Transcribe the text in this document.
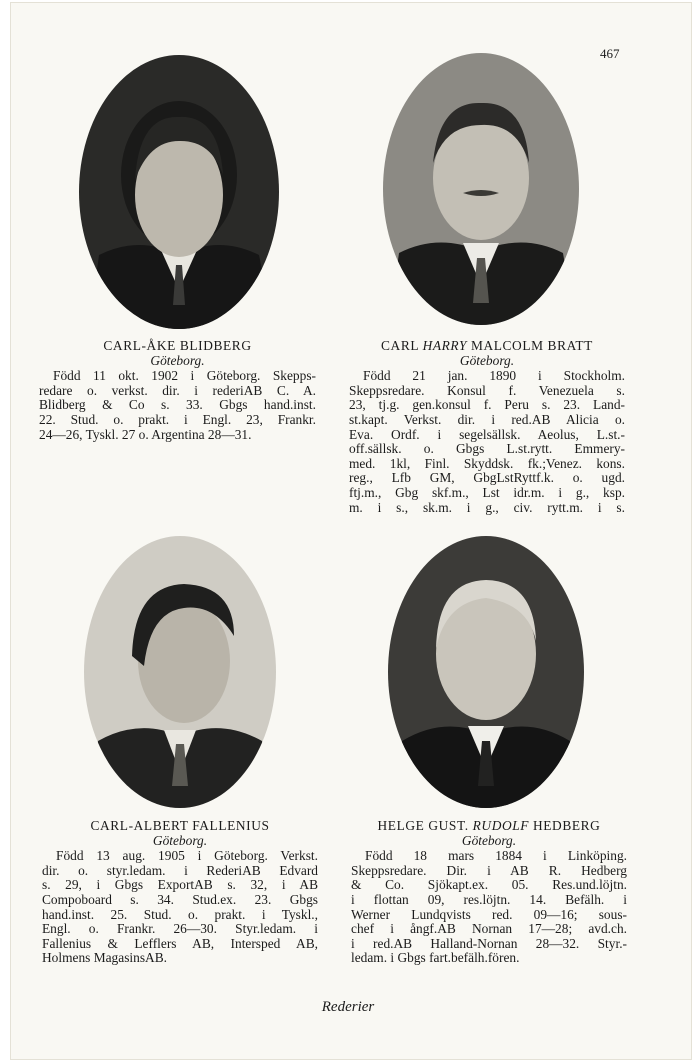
467
CARL-ÅKE BLIDBERG
Göteborg.
Född 11 okt. 1902 i Göteborg. Skepps-
redare o. verkst. dir. i rederiAB C. A.
Blidberg & Co s. 33. Gbgs hand.inst.
22. Stud. o. prakt. i Engl. 23, Frankr.
24—26, Tyskl. 27 o. Argentina 28—31.
CARL HARRY MALCOLM BRATT
Göteborg.
Född 21 jan. 1890 i Stockholm.
Skeppsredare. Konsul f. Venezuela s.
23, tj.g. gen.konsul f. Peru s. 23. Land-
st.kapt. Verkst. dir. i red.AB Alicia o.
Eva. Ordf. i segelsällsk. Aeolus, L.st.-
off.sällsk. o. Gbgs L.st.rytt. Emmery-
med. 1kl, Finl. Skyddsk. fk.;Venez. kons.
reg., Lfb GM, GbgLstRyttf.k. o. ugd.
ftj.m., Gbg skf.m., Lst idr.m. i g., ksp.
m. i s., sk.m. i g., civ. rytt.m. i s.
CARL-ALBERT FALLENIUS
Göteborg.
Född 13 aug. 1905 i Göteborg. Verkst.
dir. o. styr.ledam. i RederiAB Edvard
s. 29, i Gbgs ExportAB s. 32, i AB
Compoboard s. 34. Stud.ex. 23. Gbgs
hand.inst. 25. Stud. o. prakt. i Tyskl.,
Engl. o. Frankr. 26—30. Styr.ledam. i
Fallenius & Lefflers AB, Intersped AB,
Holmens MagasinsAB.
HELGE GUST. RUDOLF HEDBERG
Göteborg.
Född 18 mars 1884 i Linköping.
Skeppsredare. Dir. i AB R. Hedberg
& Co. Sjökapt.ex. 05. Res.und.löjtn.
i flottan 09, res.löjtn. 14. Befälh. i
Werner Lundqvists red. 09—16; sous-
chef i ångf.AB Nornan 17—28; avd.ch.
i red.AB Halland-Nornan 28—32. Styr.-
ledam. i Gbgs fart.befälh.fören.
Rederier
